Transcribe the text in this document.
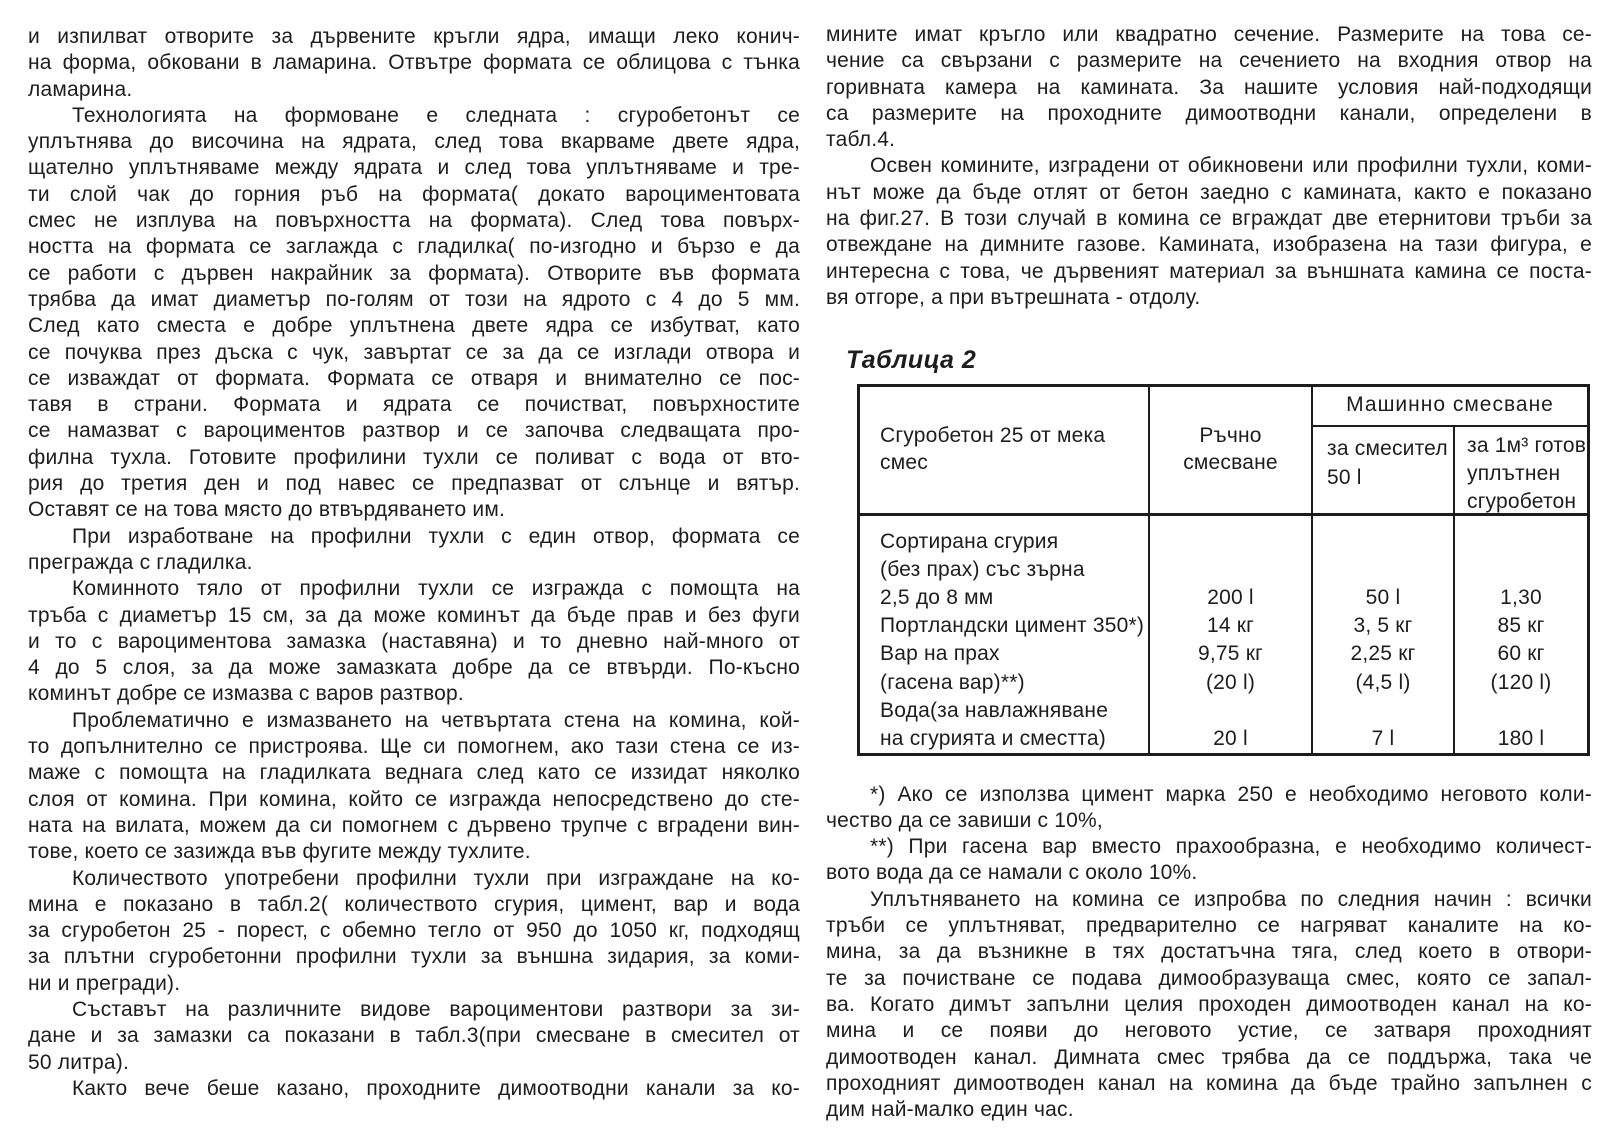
и изпилват отворите за дървените кръгли ядра, имащи леко конич-
на форма, обковани в ламарина. Отвътре формата се облицова с тънка
ламарина.
Технологията на формоване е следната : сгуробетонът се
уплътнява до височина на ядрата, след това вкарваме двете ядра,
щателно уплътняваме между ядрата и след това уплътняваме и тре-
ти слой чак до горния ръб на формата( докато вароциментовата
смес не изплува на повърхността на формата). След това повърх-
ността на формата се заглажда с гладилка( по-изгодно и бързо е да
се работи с дървен накрайник за формата). Отворите във формата
трябва да имат диаметър по-голям от този на ядрото с 4 до 5 мм.
След като сместа е добре уплътнена двете ядра се избутват, като
се почуква през дъска с чук, завъртат се за да се изглади отвора и
се изваждат от формата. Формата се отваря и внимателно се пос-
тавя в страни. Формата и ядрата се почистват, повърхностите
се намазват с вароциментов разтвор и се започва следващата про-
филна тухла. Готовите профилини тухли се поливат с вода от вто-
рия до третия ден и под навес се предпазват от слънце и вятър.
Оставят се на това място до втвърдяването им.
При изработване на профилни тухли с един отвор, формата се
прегражда с гладилка.
Коминното тяло от профилни тухли се изгражда с помощта на
тръба с диаметър 15 см, за да може коминът да бъде прав и без фуги
и то с вароциментова замазка (наставяна) и то дневно най-много от
4 до 5 слоя, за да може замазката добре да се втвърди. По-късно
коминът добре се измазва с варов разтвор.
Проблематично е измазването на четвъртата стена на комина, кой-
то допълнително се пристроява. Ще си помогнем, ако тази стена се из-
маже с помощта на гладилката веднага след като се иззидат няколко
слоя от комина. При комина, който се изгражда непосредствено до сте-
ната на вилата, можем да си помогнем с дървено трупче с вградени вин-
тове, което се зазижда във фугите между тухлите.
Количеството употребени профилни тухли при изграждане на ко-
мина е показано в табл.2( количеството сгурия, цимент, вар и вода
за сгуробетон 25 - порест, с обемно тегло от 950 до 1050 кг, подходящ
за плътни сгуробетонни профилни тухли за външна зидария, за коми-
ни и прегради).
Съставът на различните видове вароциментови разтвори за зи-
дане и за замазки са показани в табл.3(при смесване в смесител от
50 литра).
Както вече беше казано, проходните димоотводни канали за ко-
мините имат кръгло или квадратно сечение. Размерите на това се-
чение са свързани с размерите на сечението на входния отвор на
горивната камера на камината. За нашите условия най-подходящи
са размерите на проходните димоотводни канали, определени в
табл.4.
Освен комините, изградени от обикновени или профилни тухли, коми-
нът може да бъде отлят от бетон заедно с камината, както е показано
на фиг.27. В този случай в комина се вграждат две етернитови тръби за
отвеждане на димните газове. Камината, изобразена на тази фигура, е
интересна с това, че дървеният материал за външната камина се поста-
вя отгоре, а при вътрешната - отдолу.
Таблица 2
Сгуробетон 25 от мека смес
Ръчно смесване
Машинно смесване
за смесител
50 l
за 1м³ готов
уплътнен
сгуробетон
Сортирана сгурия
(без прах) със зърна
2,5 до 8 мм
Портландски цимент 350*)
Вар на прах
(гасена вар)**)
Вода(за навлажняване
на сгурията и сместта)

200 l
14 кг
9,75 кг
(20 l)

20 l

50 l
3, 5 кг
2,25 кг
(4,5 l)

7 l

1,30
85 кг
60 кг
(120 l)

180 l
*) Ако се използва цимент марка 250 е необходимо неговото коли-
чество да се завиши с 10%,
**) При гасена вар вместо прахообразна, е необходимо количест-
вото вода да се намали с около 10%.
Уплътняването на комина се изпробва по следния начин : всички
тръби се уплътняват, предварително се нагряват каналите на ко-
мина, за да възникне в тях достатъчна тяга, след което в отвори-
те за почистване се подава димообразуваща смес, която се запал-
ва. Когато димът запълни целия проходен димоотводен канал на ко-
мина и се появи до неговото устие, се затваря проходният
димоотводен канал. Димната смес трябва да се поддържа, така че
проходният димоотводен канал на комина да бъде трайно запълнен с
дим най-малко един час.
